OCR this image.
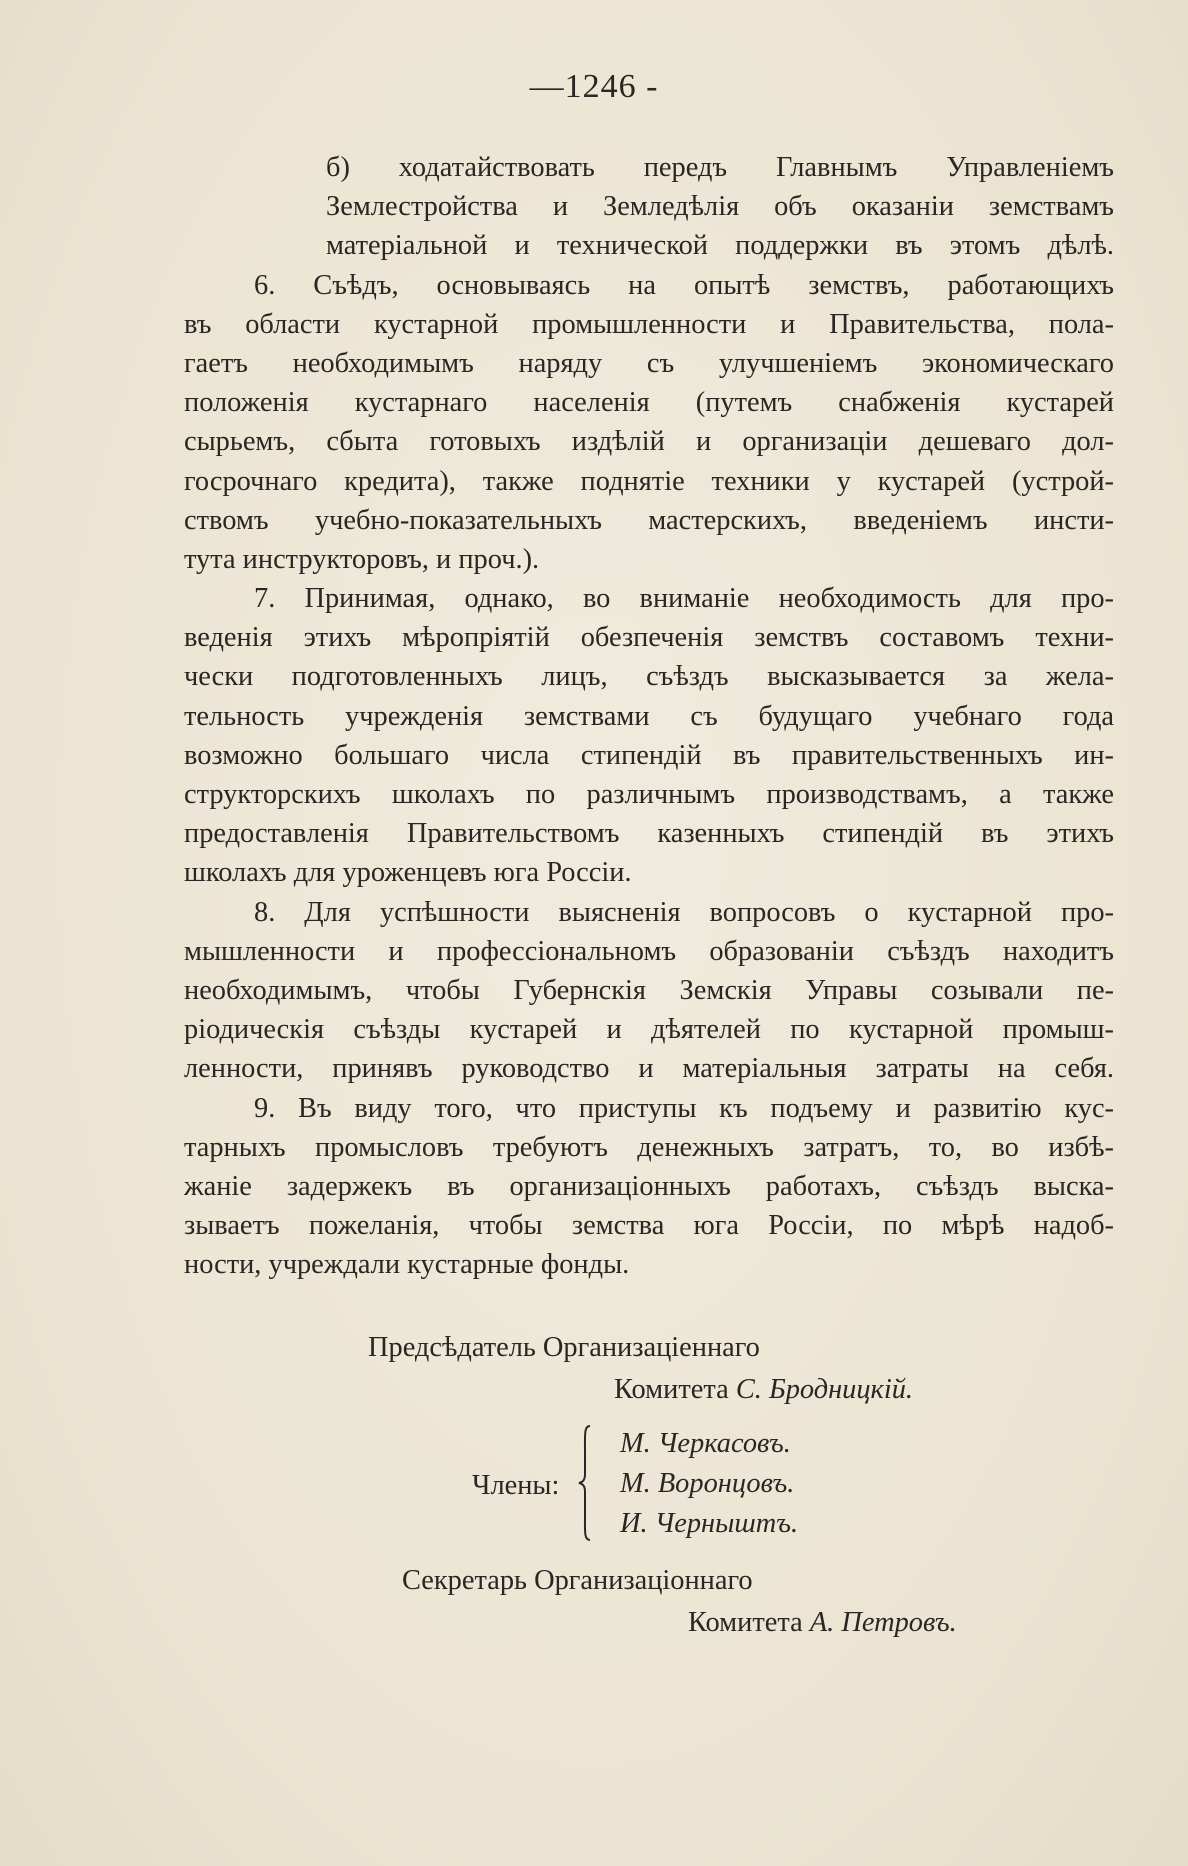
—1246 -
б) ходатайствовать передъ Главнымъ Управленіемъ
Землестройства и Земледѣлія объ оказаніи земствамъ
матеріальной и технической поддержки въ этомъ дѣлѣ.
6. Съѣдъ, основываясь на опытѣ земствъ, работающихъ
въ области кустарной промышленности и Правительства, пола-
гаетъ необходимымъ наряду съ улучшеніемъ экономическаго
положенія кустарнаго населенія (путемъ снабженія кустарей
сырьемъ, сбыта готовыхъ издѣлій и организаціи дешеваго дол-
госрочнаго кредита), также поднятіе техники у кустарей (устрой-
ствомъ учебно-показательныхъ мастерскихъ, введеніемъ инсти-
тута инструкторовъ, и проч.).
7. Принимая, однако, во вниманіе необходимость для про-
веденія этихъ мѣропріятій обезпеченія земствъ составомъ техни-
чески подготовленныхъ лицъ, съѣздъ высказывается за жела-
тельность учрежденія земствами съ будущаго учебнаго года
возможно большаго числа стипендій въ правительственныхъ ин-
структорскихъ школахъ по различнымъ производствамъ, а также
предоставленія Правительствомъ казенныхъ стипендій въ этихъ
школахъ для уроженцевъ юга Россіи.
8. Для успѣшности выясненія вопросовъ о кустарной про-
мышленности и профессіональномъ образованіи съѣздъ находитъ
необходимымъ, чтобы Губернскія Земскія Управы созывали пе-
ріодическія съѣзды кустарей и дѣятелей по кустарной промыш-
ленности, принявъ руководство и матеріальныя затраты на себя.
9. Въ виду того, что приступы къ подъему и развитію кус-
тарныхъ промысловъ требуютъ денежныхъ затратъ, то, во избѣ-
жаніе задержекъ въ организаціонныхъ работахъ, съѣздъ выска-
зываетъ пожеланія, чтобы земства юга Россіи, по мѣрѣ надоб-
ности, учреждали кустарные фонды.
Предсѣдатель Организаціеннаго
Комитета С. Бродницкій.
Члены:
М. Черкасовъ.
М. Воронцовъ.
И. Черныштъ.
Секретарь Организаціоннаго
Комитета А. Петровъ.
